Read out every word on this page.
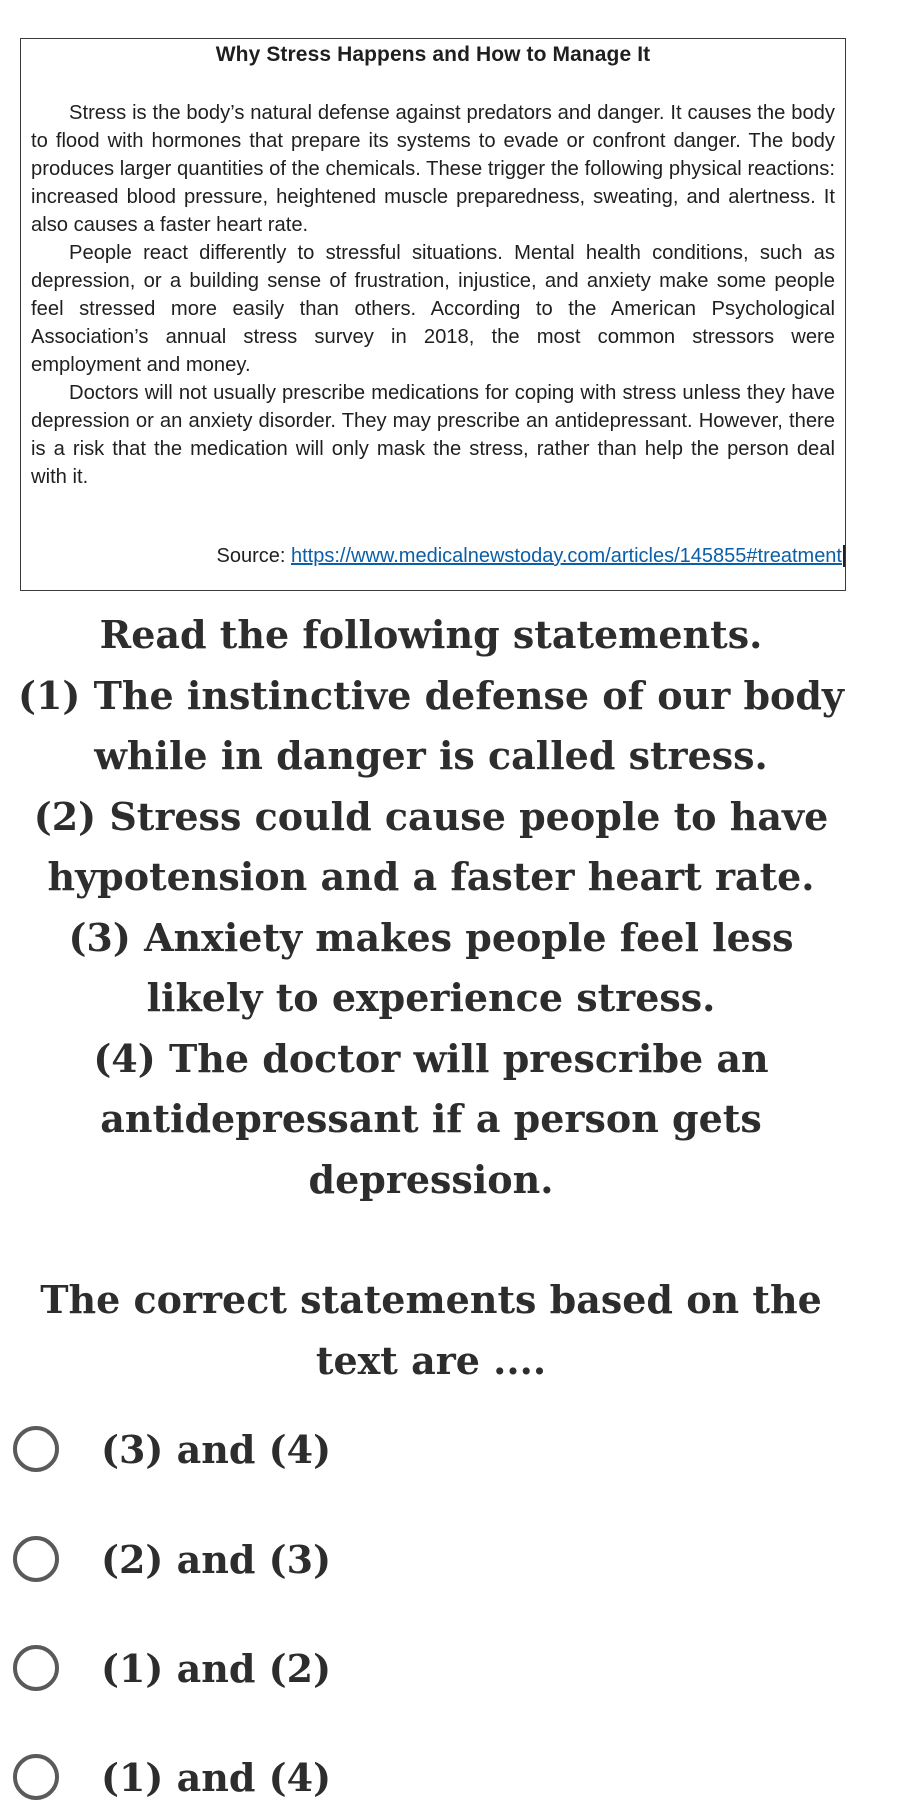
Why Stress Happens and How to Manage It

Stress is the body’s natural defense against predators and danger. It causes the body to flood with hormones that prepare its systems to evade or confront danger. The body produces larger quantities of the chemicals. These trigger the following physical reactions: increased blood pressure, heightened muscle preparedness, sweating, and alertness. It also causes a faster heart rate.

People react differently to stressful situations. Mental health conditions, such as depression, or a building sense of frustration, injustice, and anxiety make some people feel stressed more easily than others. According to the American Psychological Association’s annual stress survey in 2018, the most common stressors were employment and money.

Doctors will not usually prescribe medications for coping with stress unless they have depression or an anxiety disorder. They may prescribe an antidepressant. However, there is a risk that the medication will only mask the stress, rather than help the person deal with it.

Source: https://www.medicalnewstoday.com/articles/145855#treatment
Read the following statements.
(1) The instinctive defense of our body
while in danger is called stress.
(2) Stress could cause people to have
hypotension and a faster heart rate.
(3) Anxiety makes people feel less
likely to experience stress.
(4) The doctor will prescribe an
antidepressant if a person gets
depression.
The correct statements based on the
text are ....
(3) and (4)
(2) and (3)
(1) and (2)
(1) and (4)
